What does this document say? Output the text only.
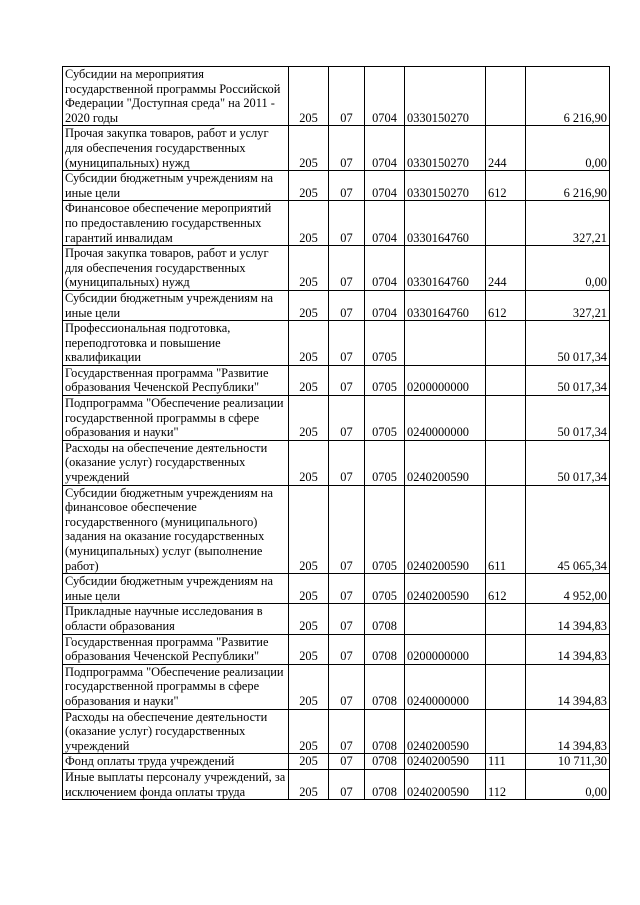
Субсидии на мероприятия государственной программы Российской Федерации "Доступная среда" на 2011 - 2020 годы	205	07	0704	0330150270		6 216,90
Прочая закупка товаров, работ и услуг для обеспечения государственных (муниципальных) нужд	205	07	0704	0330150270	244	0,00
Субсидии бюджетным учреждениям на иные цели	205	07	0704	0330150270	612	6 216,90
Финансовое обеспечение мероприятий по предоставлению государственных гарантий инвалидам	205	07	0704	0330164760		327,21
Прочая закупка товаров, работ и услуг для обеспечения государственных (муниципальных) нужд	205	07	0704	0330164760	244	0,00
Субсидии бюджетным учреждениям на иные цели	205	07	0704	0330164760	612	327,21
Профессиональная подготовка, переподготовка и повышение квалификации	205	07	0705			50 017,34
Государственная программа "Развитие образования Чеченской Республики"	205	07	0705	0200000000		50 017,34
Подпрограмма "Обеспечение реализации государственной программы в сфере образования и науки"	205	07	0705	0240000000		50 017,34
Расходы на обеспечение деятельности (оказание услуг) государственных учреждений	205	07	0705	0240200590		50 017,34
Субсидии бюджетным учреждениям на финансовое обеспечение государственного (муниципального) задания на оказание государственных (муниципальных) услуг (выполнение работ)	205	07	0705	0240200590	611	45 065,34
Субсидии бюджетным учреждениям на иные цели	205	07	0705	0240200590	612	4 952,00
Прикладные научные исследования в области образования	205	07	0708			14 394,83
Государственная программа "Развитие образования Чеченской Республики"	205	07	0708	0200000000		14 394,83
Подпрограмма "Обеспечение реализации государственной программы в сфере образования и науки"	205	07	0708	0240000000		14 394,83
Расходы на обеспечение деятельности (оказание услуг) государственных учреждений	205	07	0708	0240200590		14 394,83
Фонд оплаты труда учреждений	205	07	0708	0240200590	111	10 711,30
Иные выплаты персоналу учреждений, за исключением фонда оплаты труда	205	07	0708	0240200590	112	0,00
